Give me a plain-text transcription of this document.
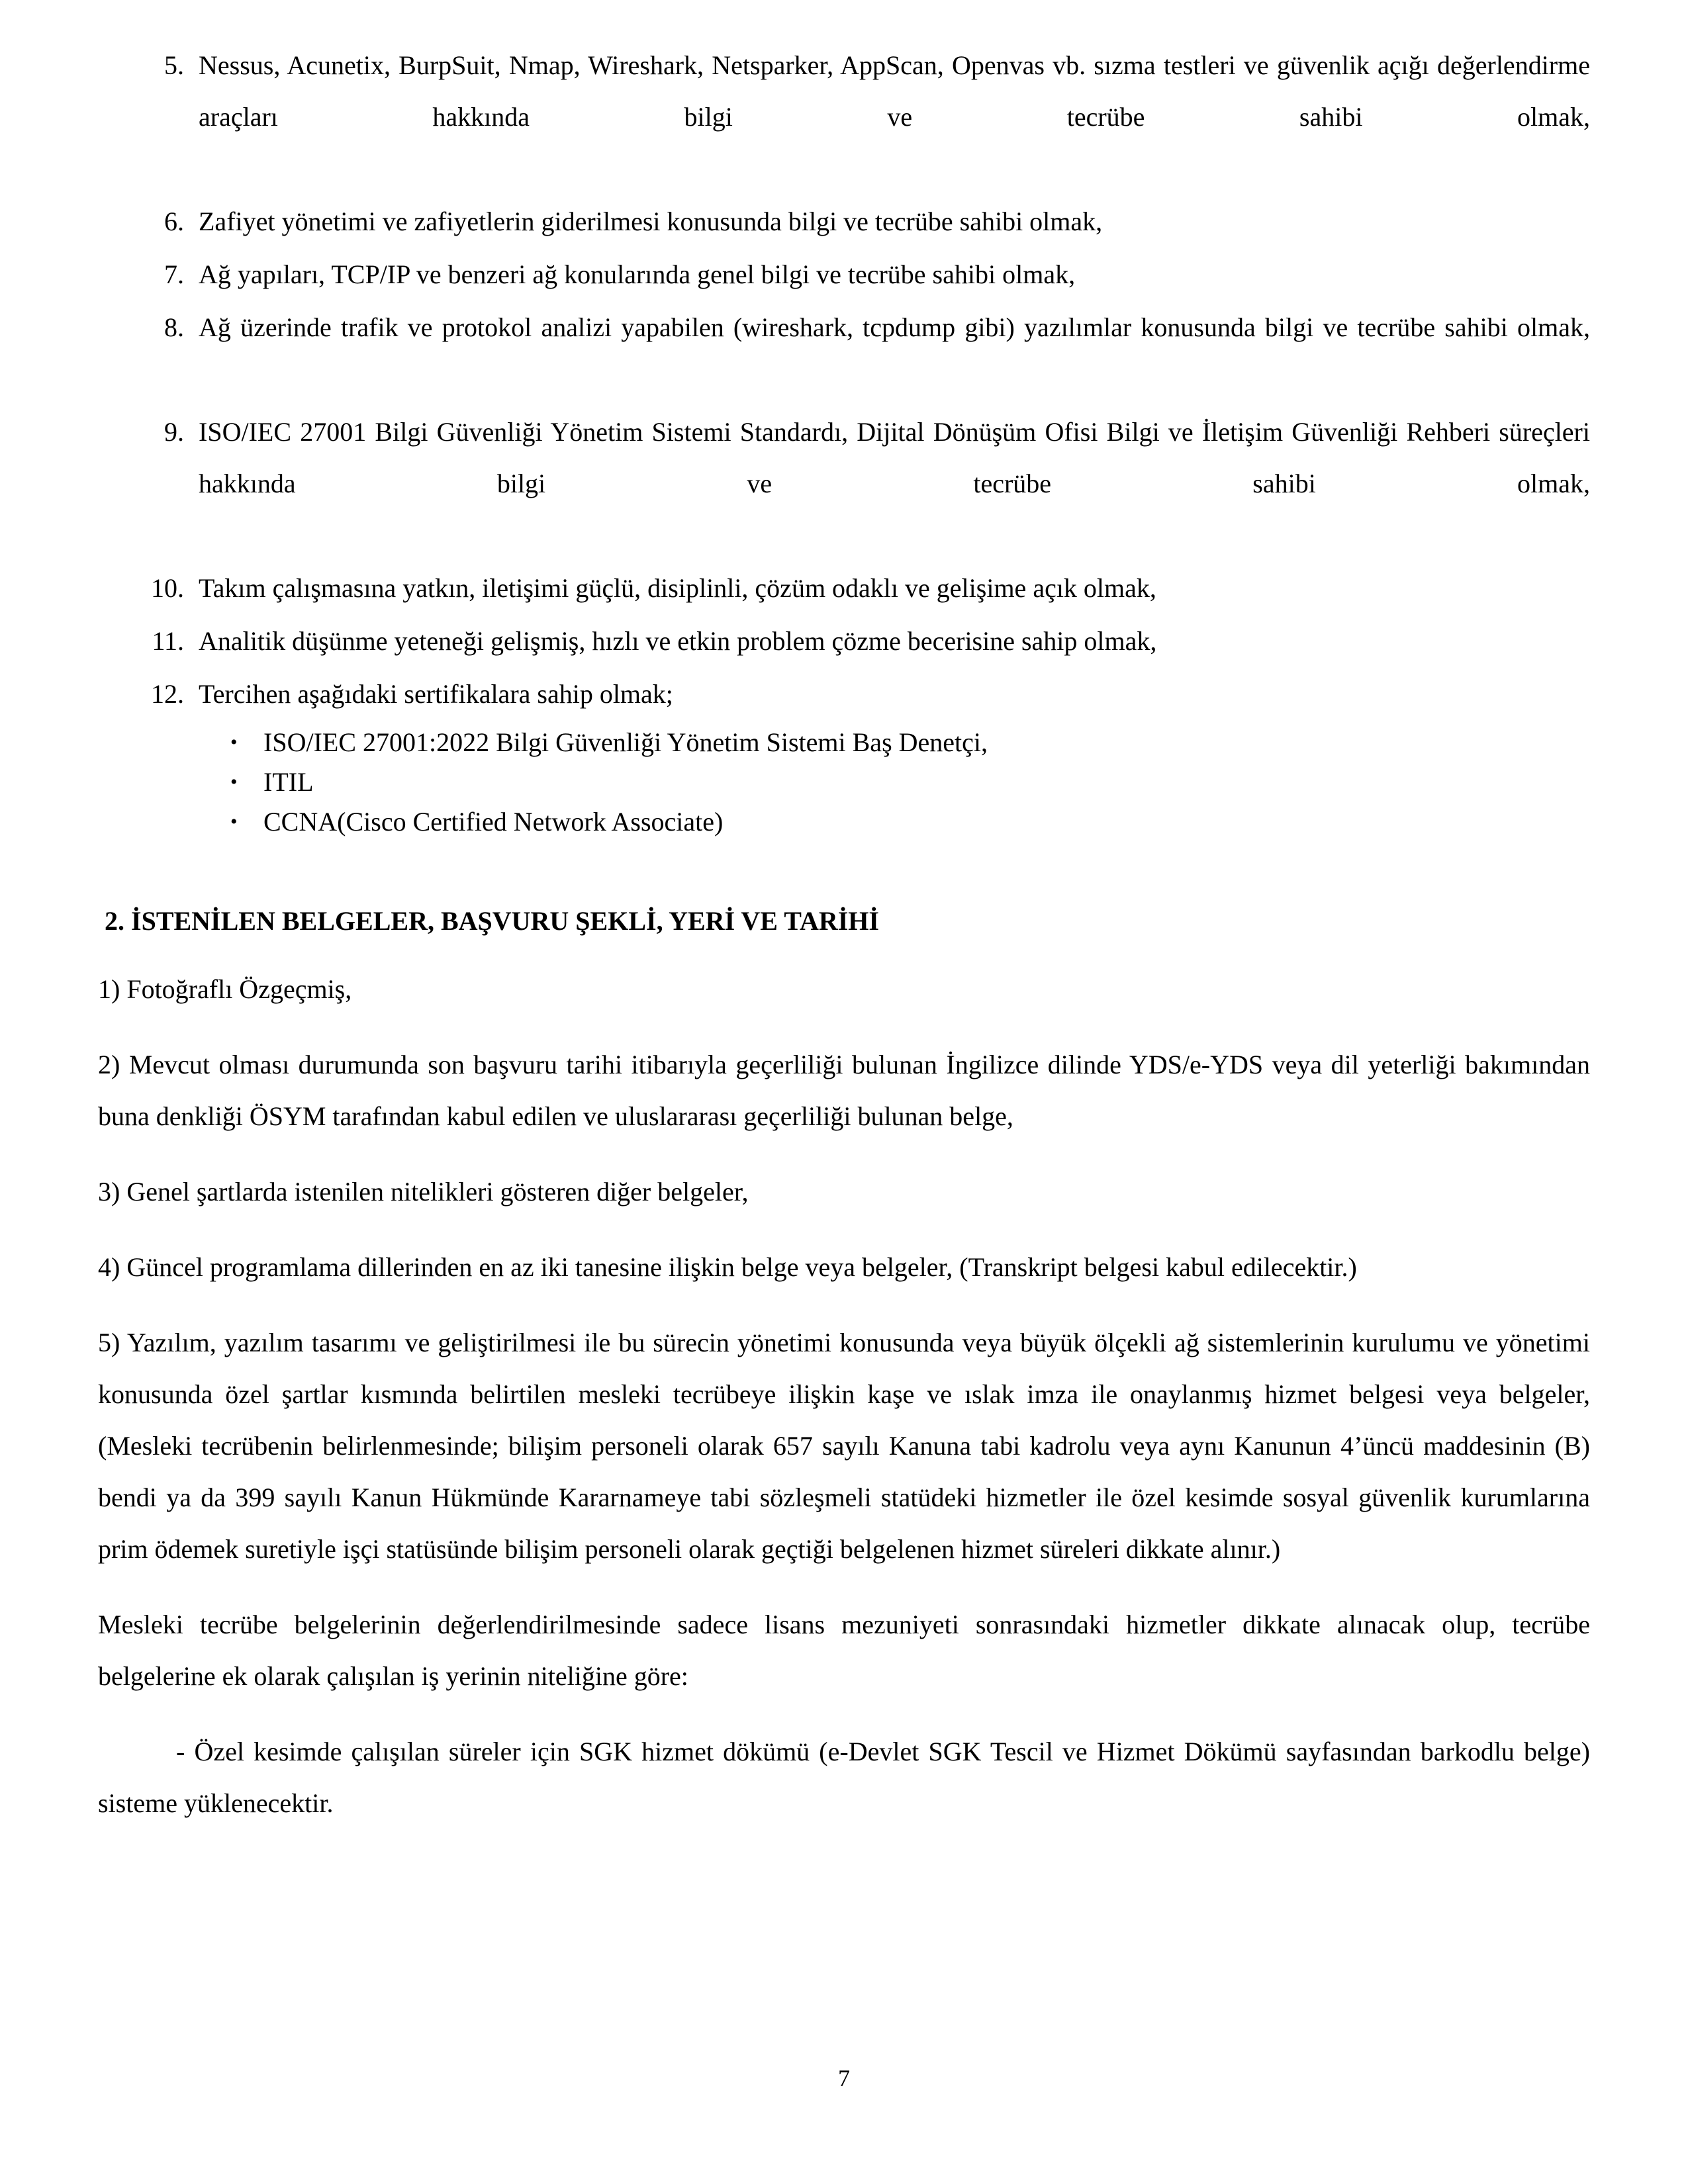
5. Nessus, Acunetix, BurpSuit, Nmap, Wireshark, Netsparker, AppScan, Openvas vb. sızma testleri ve güvenlik açığı değerlendirme araçları hakkında bilgi ve tecrübe sahibi olmak,
6. Zafiyet yönetimi ve zafiyetlerin giderilmesi konusunda bilgi ve tecrübe sahibi olmak,
7. Ağ yapıları, TCP/IP ve benzeri ağ konularında genel bilgi ve tecrübe sahibi olmak,
8. Ağ üzerinde trafik ve protokol analizi yapabilen (wireshark, tcpdump gibi) yazılımlar konusunda bilgi ve tecrübe sahibi olmak,
9. ISO/IEC 27001 Bilgi Güvenliği Yönetim Sistemi Standardı, Dijital Dönüşüm Ofisi Bilgi ve İletişim Güvenliği Rehberi süreçleri hakkında bilgi ve tecrübe sahibi olmak,
10. Takım çalışmasına yatkın, iletişimi güçlü, disiplinli, çözüm odaklı ve gelişime açık olmak,
11. Analitik düşünme yeteneği gelişmiş, hızlı ve etkin problem çözme becerisine sahip olmak,
12. Tercihen aşağıdaki sertifikalara sahip olmak;
• ISO/IEC 27001:2022 Bilgi Güvenliği Yönetim Sistemi Baş Denetçi,
• ITIL
• CCNA(Cisco Certified Network Associate)
2. İSTENİLEN BELGELER, BAŞVURU ŞEKLİ, YERİ VE TARİHİ

1) Fotoğraflı Özgeçmiş,

2) Mevcut olması durumunda son başvuru tarihi itibarıyla geçerliliği bulunan İngilizce dilinde YDS/e-YDS veya dil yeterliği bakımından buna denkliği ÖSYM tarafından kabul edilen ve uluslararası geçerliliği bulunan belge,

3) Genel şartlarda istenilen nitelikleri gösteren diğer belgeler,

4) Güncel programlama dillerinden en az iki tanesine ilişkin belge veya belgeler, (Transkript belgesi kabul edilecektir.)

5) Yazılım, yazılım tasarımı ve geliştirilmesi ile bu sürecin yönetimi konusunda veya büyük ölçekli ağ sistemlerinin kurulumu ve yönetimi konusunda özel şartlar kısmında belirtilen mesleki tecrübeye ilişkin kaşe ve ıslak imza ile onaylanmış hizmet belgesi veya belgeler, (Mesleki tecrübenin belirlenmesinde; bilişim personeli olarak 657 sayılı Kanuna tabi kadrolu veya aynı Kanunun 4’üncü maddesinin (B) bendi ya da 399 sayılı Kanun Hükmünde Kararnameye tabi sözleşmeli statüdeki hizmetler ile özel kesimde sosyal güvenlik kurumlarına prim ödemek suretiyle işçi statüsünde bilişim personeli olarak geçtiği belgelenen hizmet süreleri dikkate alınır.)

Mesleki tecrübe belgelerinin değerlendirilmesinde sadece lisans mezuniyeti sonrasındaki hizmetler dikkate alınacak olup, tecrübe belgelerine ek olarak çalışılan iş yerinin niteliğine göre:

- Özel kesimde çalışılan süreler için SGK hizmet dökümü (e-Devlet SGK Tescil ve Hizmet Dökümü sayfasından barkodlu belge) sisteme yüklenecektir.

7
